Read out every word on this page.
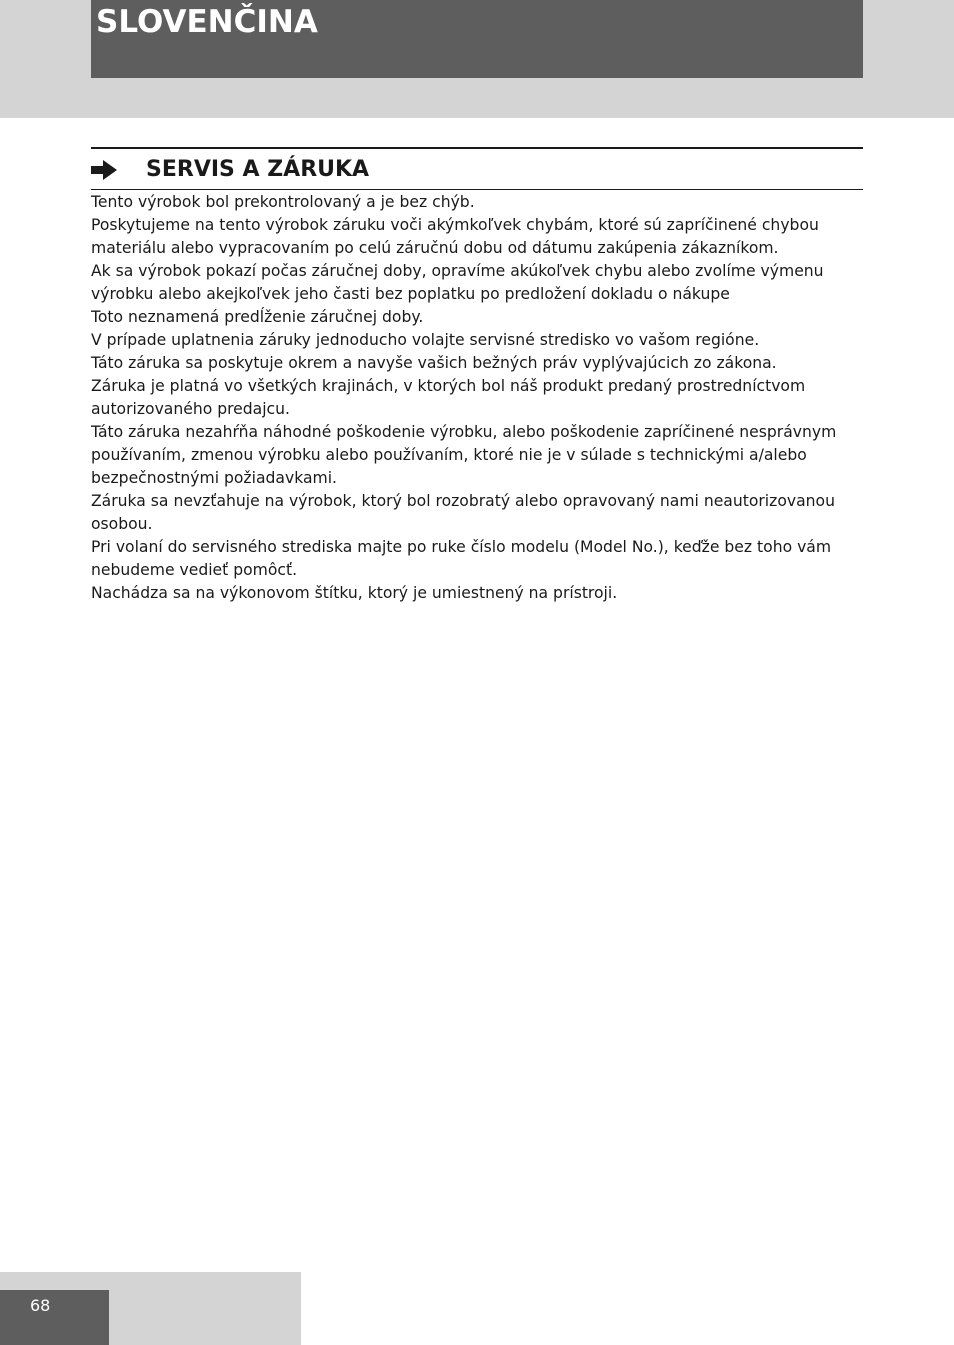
SLOVENČINA
SERVIS A ZÁRUKA

Tento výrobok bol prekontrolovaný a je bez chýb.

Poskytujeme na tento výrobok záruku voči akýmkoľvek chybám, ktoré sú zapríčinené chybou materiálu alebo vypracovaním po celú záručnú dobu od dátumu zakúpenia zákazníkom.

Ak sa výrobok pokazí počas záručnej doby, opravíme akúkoľvek chybu alebo zvolíme výmenu výrobku alebo akejkoľvek jeho časti bez poplatku po predložení dokladu o nákupe

Toto neznamená predĺženie záručnej doby.

V prípade uplatnenia záruky jednoducho volajte servisné stredisko vo vašom regióne.

Táto záruka sa poskytuje okrem a navyše vašich bežných práv vyplývajúcich zo zákona.

Záruka je platná vo všetkých krajinách, v ktorých bol náš produkt predaný prostredníctvom autorizovaného predajcu.

Táto záruka nezahŕňa náhodné poškodenie výrobku, alebo poškodenie zapríčinené nesprávnym používaním, zmenou výrobku alebo používaním, ktoré nie je v súlade s technickými a/alebo bezpečnostnými požiadavkami.

Záruka sa nevzťahuje na výrobok, ktorý bol rozobratý alebo opravovaný nami neautorizovanou osobou.

Pri volaní do servisného strediska majte po ruke číslo modelu (Model No.), keďže bez toho vám nebudeme vedieť pomôcť.

Nachádza sa na výkonovom štítku, ktorý je umiestnený na prístroji.

68
